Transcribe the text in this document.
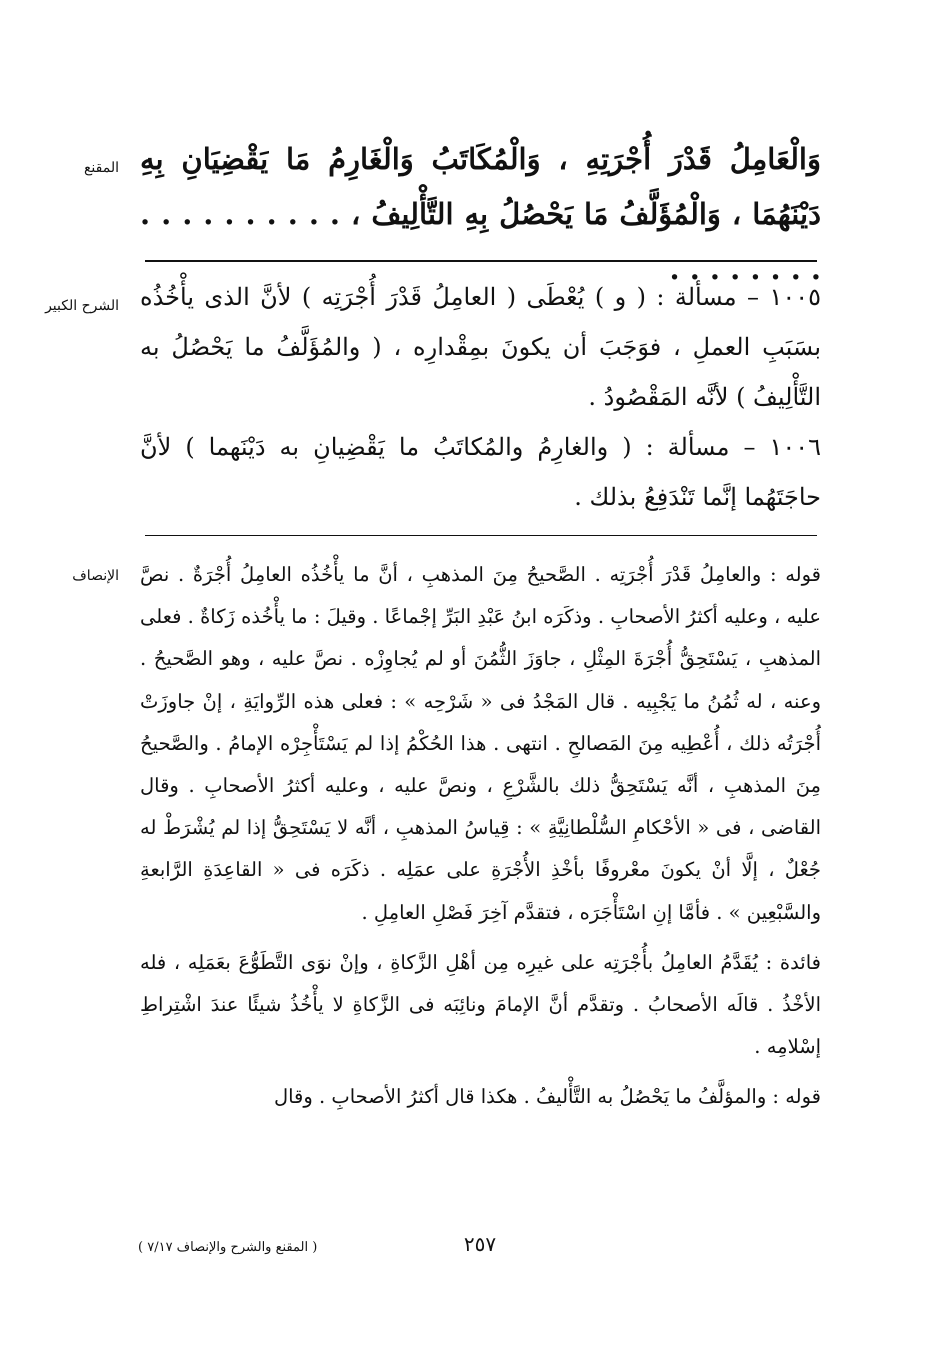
المقنع وَالْعَامِلُ قَدْرَ أُجْرَتِهِ ، وَالْمُكَاتَبُ وَالْغَارِمُ مَا يَقْضِيَانِ بِهِ دَيْنَهُمَا ، وَالْمُؤَلَّفُ مَا يَحْصُلُ بِهِ التَّأْلِيفُ ، . . . . . . . . . . . . . . . . . .

الشرح الكبير ١٠٠٥ – مسألة : ( و ) يُعْطَى ( العامِلُ قَدْرَ أُجْرَتِه ) لأنَّ الذى يأْخُذُه بسَبَبِ العملِ ، فوَجَبَ أن يكونَ بمِقْدارِه ، ( والمُؤَلَّفُ ما يَحْصُلُ به التَّأْلِيفُ ) لأنَّه المَقْصُودُ .

١٠٠٦ – مسألة : ( والغارِمُ والمُكاتَبُ ما يَقْضِيانِ به دَيْنَهما ) لأنَّ حاجَتَهُما إنَّما تَنْدَفِعُ بذلك .

الإنصاف قوله : والعامِلُ قَدْرَ أُجْرَتِه . الصَّحيحُ مِنَ المذهبِ ، أنَّ ما يأْخُذُه العامِلُ أُجْرَةٌ . نصَّ عليه ، وعليه أكثرُ الأصحابِ . وذكَرَه ابنُ عَبْدِ البَرِّ إجْماعًا . وقيلَ : ما يأْخُذه زَكاةٌ . فعلى المذهبِ ، يَسْتَحِقُّ أُجْرَةَ المِثْلِ ، جاوَزَ الثُّمُنَ أو لم يُجاوِزْه . نصَّ عليه ، وهو الصَّحيحُ . وعنه ، له ثُمُنُ ما يَجْبِيه . قال المَجْدُ فى « شَرْحِه » : فعلى هذه الرِّوايَةِ ، إنْ جاوزَتْ أُجْرَتُه ذلك ، أُعْطِيه مِنَ المَصالحِ . انتهى . هذا الحُكْمُ إذا لم يَسْتَأْجِرْه الإمامُ . والصَّحيحُ مِنَ المذهبِ ، أنَّه يَسْتَحِقُّ ذلك بالشَّرْعِ ، ونصَّ عليه ، وعليه أكثرُ الأصحابِ . وقال القاضى ، فى « الأحْكامِ السُّلْطانِيَّةِ » : قِياسُ المذهبِ ، أنَّه لا يَسْتَحِقُّ إذا لم يُشْرَطْ له جُعْلٌ ، إلَّا أنْ يكونَ معْروفًا بأخْذِ الأُجْرَةِ على عمَلِه . ذكَرَه فى « القاعِدَةِ الرَّابعةِ والسَّبْعِين » . فأمَّا إنِ اسْتَأْجَرَه ، فتقدَّم آخِرَ فَصْلِ العامِلِ .

فائدة : يُقَدَّمُ العامِلُ بأُجْرَتِه على غيرِه مِن أهْلِ الزَّكاةِ ، وإنْ نوَى التَّطَوُّعَ بعَمَلِه ، فله الأخْذُ . قالَه الأصحابُ . وتقدَّم أنَّ الإمامَ ونائِبَه فى الزَّكاةِ لا يأْخُذُ شيئًا عندَ اشْتِراطِ إسْلامِه .

قوله : والمؤلَّفُ ما يَحْصُلُ به التَّأْليفُ . هكذا قال أكثرُ الأصحابِ . وقال

٢٥٧
( المقنع والشرح والإنصاف ٧/١٧ )
